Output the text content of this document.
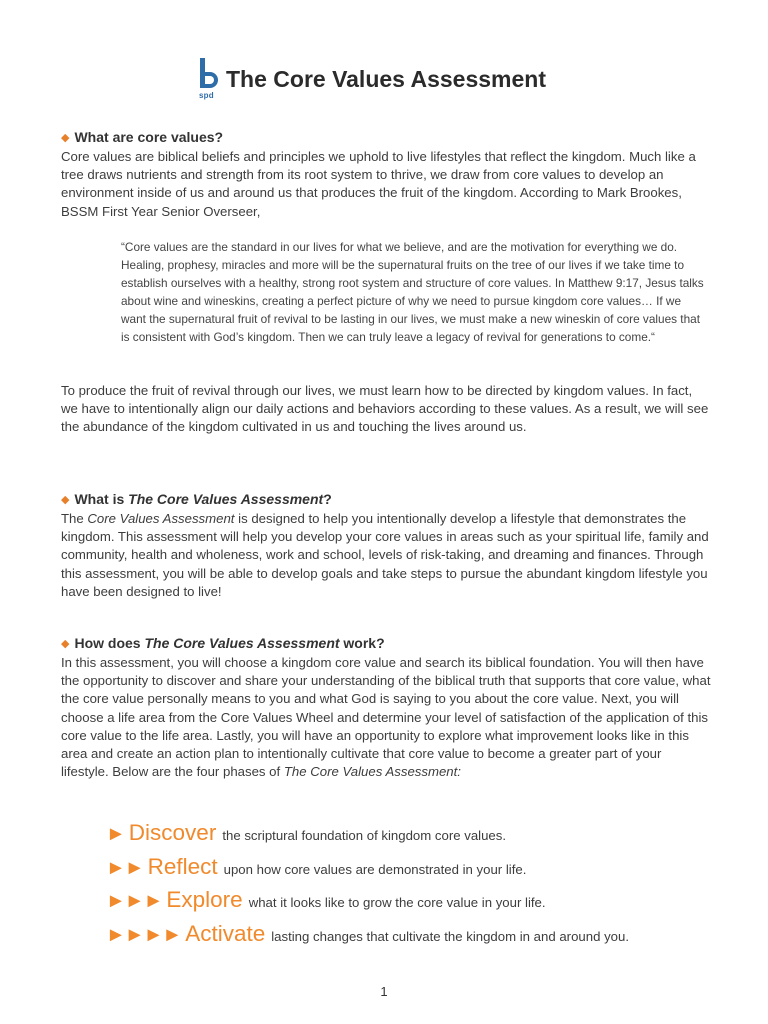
spd
The Core Values Assessment
◆ What are core values?
Core values are biblical beliefs and principles we uphold to live lifestyles that reflect the kingdom. Much like a tree draws nutrients and strength from its root system to thrive, we draw from core values to develop an environment inside of us and around us that produces the fruit of the kingdom. According to Mark Brookes, BSSM First Year Senior Overseer,
“Core values are the standard in our lives for what we believe, and are the motivation for everything we do. Healing, prophesy, miracles and more will be the supernatural fruits on the tree of our lives if we take time to establish ourselves with a healthy, strong root system and structure of core values. In Matthew 9:17, Jesus talks about wine and wineskins, creating a perfect picture of why we need to pursue kingdom core values… If we want the supernatural fruit of revival to be lasting in our lives, we must make a new wineskin of core values that is consistent with God’s kingdom. Then we can truly leave a legacy of revival for generations to come.“
To produce the fruit of revival through our lives, we must learn how to be directed by kingdom values. In fact, we have to intentionally align our daily actions and behaviors according to these values. As a result, we will see the abundance of the kingdom cultivated in us and touching the lives around us.
◆ What is The Core Values Assessment?
The Core Values Assessment is designed to help you intentionally develop a lifestyle that demonstrates the kingdom. This assessment will help you develop your core values in areas such as your spiritual life, family and community, health and wholeness, work and school, levels of risk-taking, and dreaming and finances. Through this assessment, you will be able to develop goals and take steps to pursue the abundant kingdom lifestyle you have been designed to live!
◆ How does The Core Values Assessment work?
In this assessment, you will choose a kingdom core value and search its biblical foundation. You will then have the opportunity to discover and share your understanding of the biblical truth that supports that core value, what the core value personally means to you and what God is saying to you about the core value. Next, you will choose a life area from the Core Values Wheel and determine your level of satisfaction of the application of this core value to the life area. Lastly, you will have an opportunity to explore what improvement looks like in this area and create an action plan to intentionally cultivate that core value to become a greater part of your lifestyle. Below are the four phases of The Core Values Assessment:
► Discover the scriptural foundation of kingdom core values.
►► Reflect upon how core values are demonstrated in your life.
►►► Explore what it looks like to grow the core value in your life.
►►►► Activate lasting changes that cultivate the kingdom in and around you.
1
